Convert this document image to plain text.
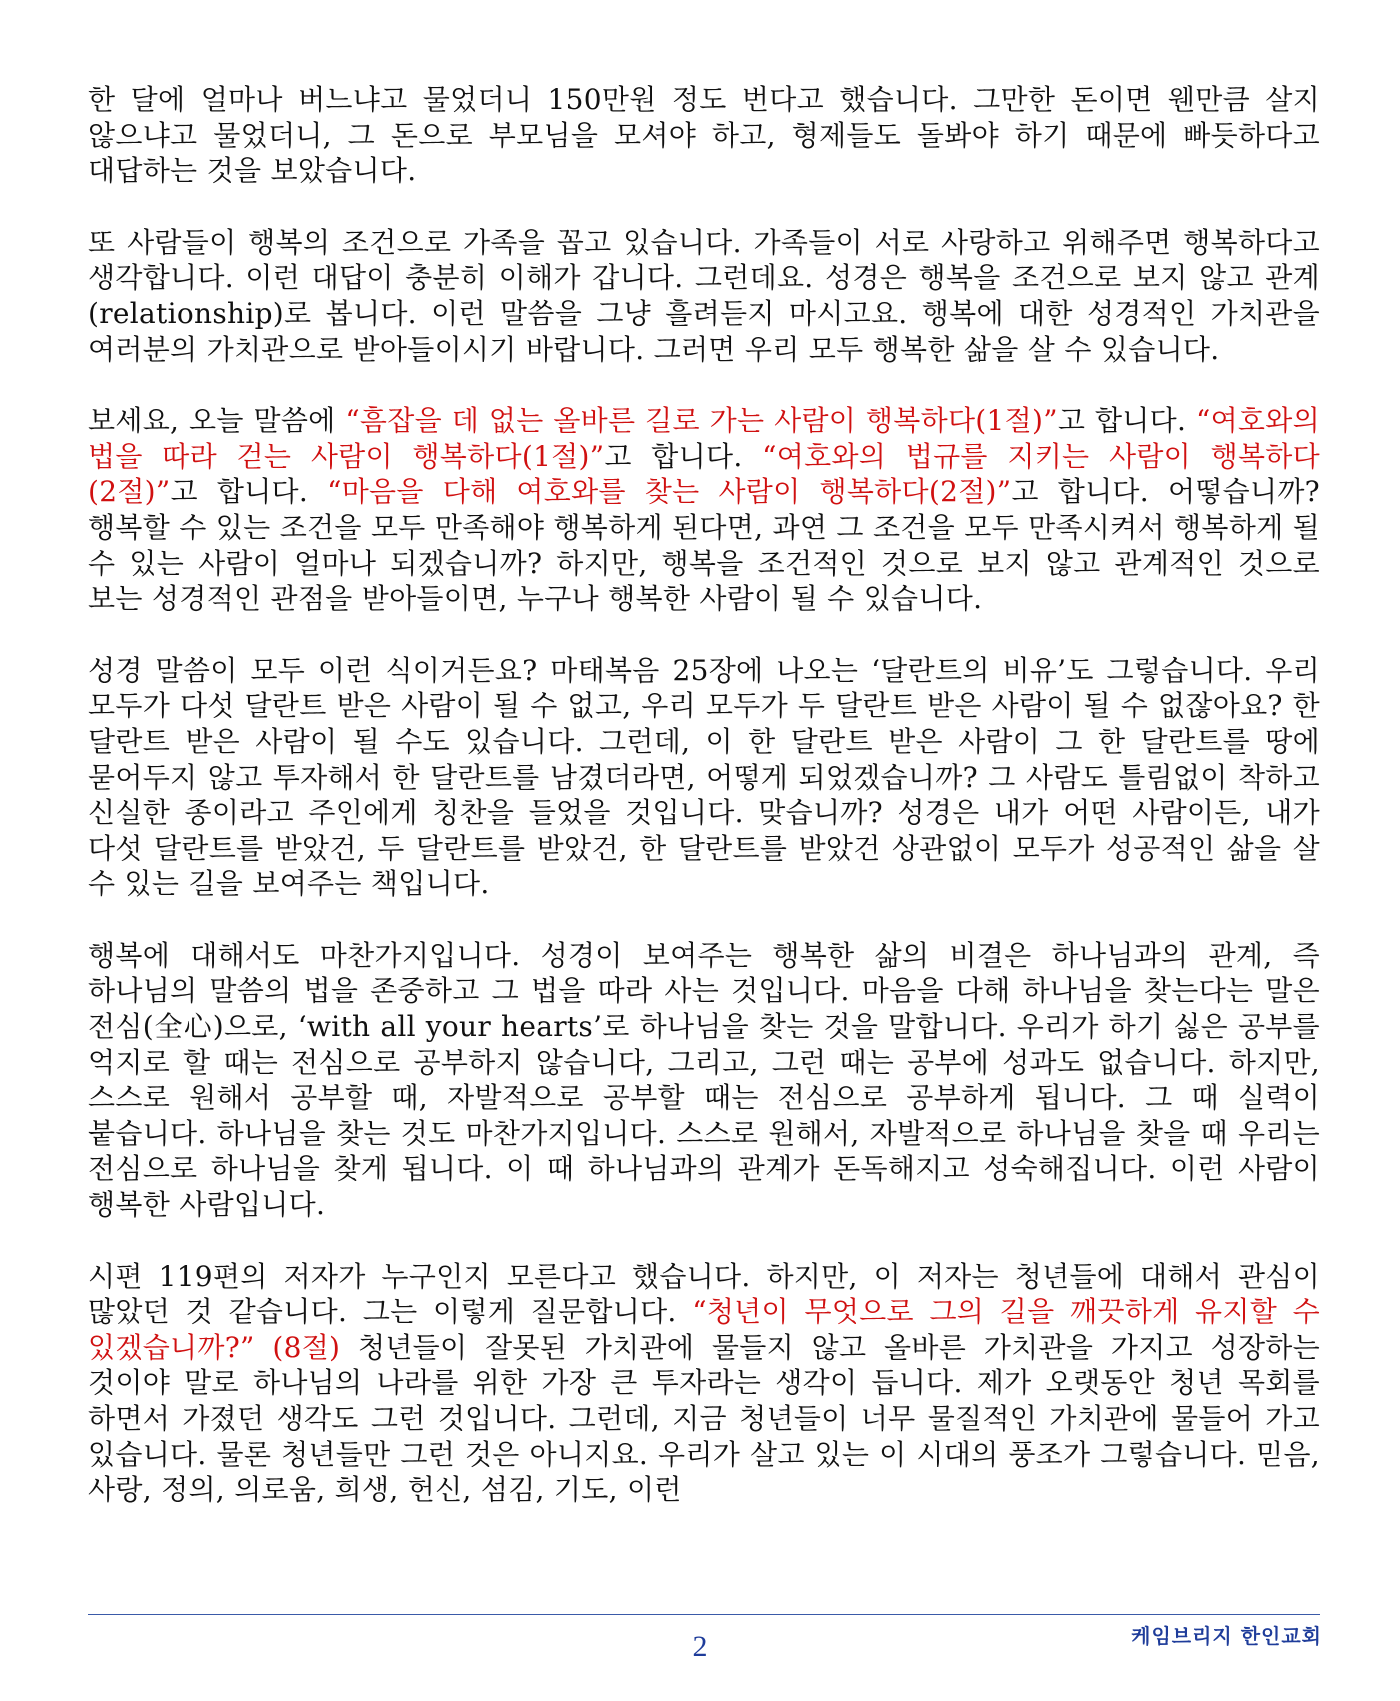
한 달에 얼마나 버느냐고 물었더니 150만원 정도 번다고 했습니다. 그만한 돈이면 웬만큼 살지 않으냐고 물었더니, 그 돈으로 부모님을 모셔야 하고, 형제들도 돌봐야 하기 때문에 빠듯하다고 대답하는 것을 보았습니다.

또 사람들이 행복의 조건으로 가족을 꼽고 있습니다. 가족들이 서로 사랑하고 위해주면 행복하다고 생각합니다. 이런 대답이 충분히 이해가 갑니다. 그런데요. 성경은 행복을 조건으로 보지 않고 관계(relationship)로 봅니다. 이런 말씀을 그냥 흘려듣지 마시고요. 행복에 대한 성경적인 가치관을 여러분의 가치관으로 받아들이시기 바랍니다. 그러면 우리 모두 행복한 삶을 살 수 있습니다.

보세요, 오늘 말씀에 “흠잡을 데 없는 올바른 길로 가는 사람이 행복하다(1절)”고 합니다. “여호와의 법을 따라 걷는 사람이 행복하다(1절)”고 합니다. “여호와의 법규를 지키는 사람이 행복하다(2절)”고 합니다. “마음을 다해 여호와를 찾는 사람이 행복하다(2절)”고 합니다. 어떻습니까? 행복할 수 있는 조건을 모두 만족해야 행복하게 된다면, 과연 그 조건을 모두 만족시켜서 행복하게 될 수 있는 사람이 얼마나 되겠습니까? 하지만, 행복을 조건적인 것으로 보지 않고 관계적인 것으로 보는 성경적인 관점을 받아들이면, 누구나 행복한 사람이 될 수 있습니다.

성경 말씀이 모두 이런 식이거든요? 마태복음 25장에 나오는 ‘달란트의 비유’도 그렇습니다. 우리 모두가 다섯 달란트 받은 사람이 될 수 없고, 우리 모두가 두 달란트 받은 사람이 될 수 없잖아요? 한 달란트 받은 사람이 될 수도 있습니다. 그런데, 이 한 달란트 받은 사람이 그 한 달란트를 땅에 묻어두지 않고 투자해서 한 달란트를 남겼더라면, 어떻게 되었겠습니까? 그 사람도 틀림없이 착하고 신실한 종이라고 주인에게 칭찬을 들었을 것입니다. 맞습니까? 성경은 내가 어떤 사람이든, 내가 다섯 달란트를 받았건, 두 달란트를 받았건, 한 달란트를 받았건 상관없이 모두가 성공적인 삶을 살 수 있는 길을 보여주는 책입니다.

행복에 대해서도 마찬가지입니다. 성경이 보여주는 행복한 삶의 비결은 하나님과의 관계, 즉 하나님의 말씀의 법을 존중하고 그 법을 따라 사는 것입니다. 마음을 다해 하나님을 찾는다는 말은 전심(全心)으로, ‘with all your hearts’로 하나님을 찾는 것을 말합니다. 우리가 하기 싫은 공부를 억지로 할 때는 전심으로 공부하지 않습니다, 그리고, 그런 때는 공부에 성과도 없습니다. 하지만, 스스로 원해서 공부할 때, 자발적으로 공부할 때는 전심으로 공부하게 됩니다. 그 때 실력이 붙습니다. 하나님을 찾는 것도 마찬가지입니다. 스스로 원해서, 자발적으로 하나님을 찾을 때 우리는 전심으로 하나님을 찾게 됩니다. 이 때 하나님과의 관계가 돈독해지고 성숙해집니다. 이런 사람이 행복한 사람입니다.

시편 119편의 저자가 누구인지 모른다고 했습니다. 하지만, 이 저자는 청년들에 대해서 관심이 많았던 것 같습니다. 그는 이렇게 질문합니다. “청년이 무엇으로 그의 길을 깨끗하게 유지할 수 있겠습니까?” (8절) 청년들이 잘못된 가치관에 물들지 않고 올바른 가치관을 가지고 성장하는 것이야 말로 하나님의 나라를 위한 가장 큰 투자라는 생각이 듭니다. 제가 오랫동안 청년 목회를 하면서 가졌던 생각도 그런 것입니다. 그런데, 지금 청년들이 너무 물질적인 가치관에 물들어 가고 있습니다. 물론 청년들만 그런 것은 아니지요. 우리가 살고 있는 이 시대의 풍조가 그렇습니다. 믿음, 사랑, 정의, 의로움, 희생, 헌신, 섬김, 기도, 이런

2	케임브리지 한인교회
